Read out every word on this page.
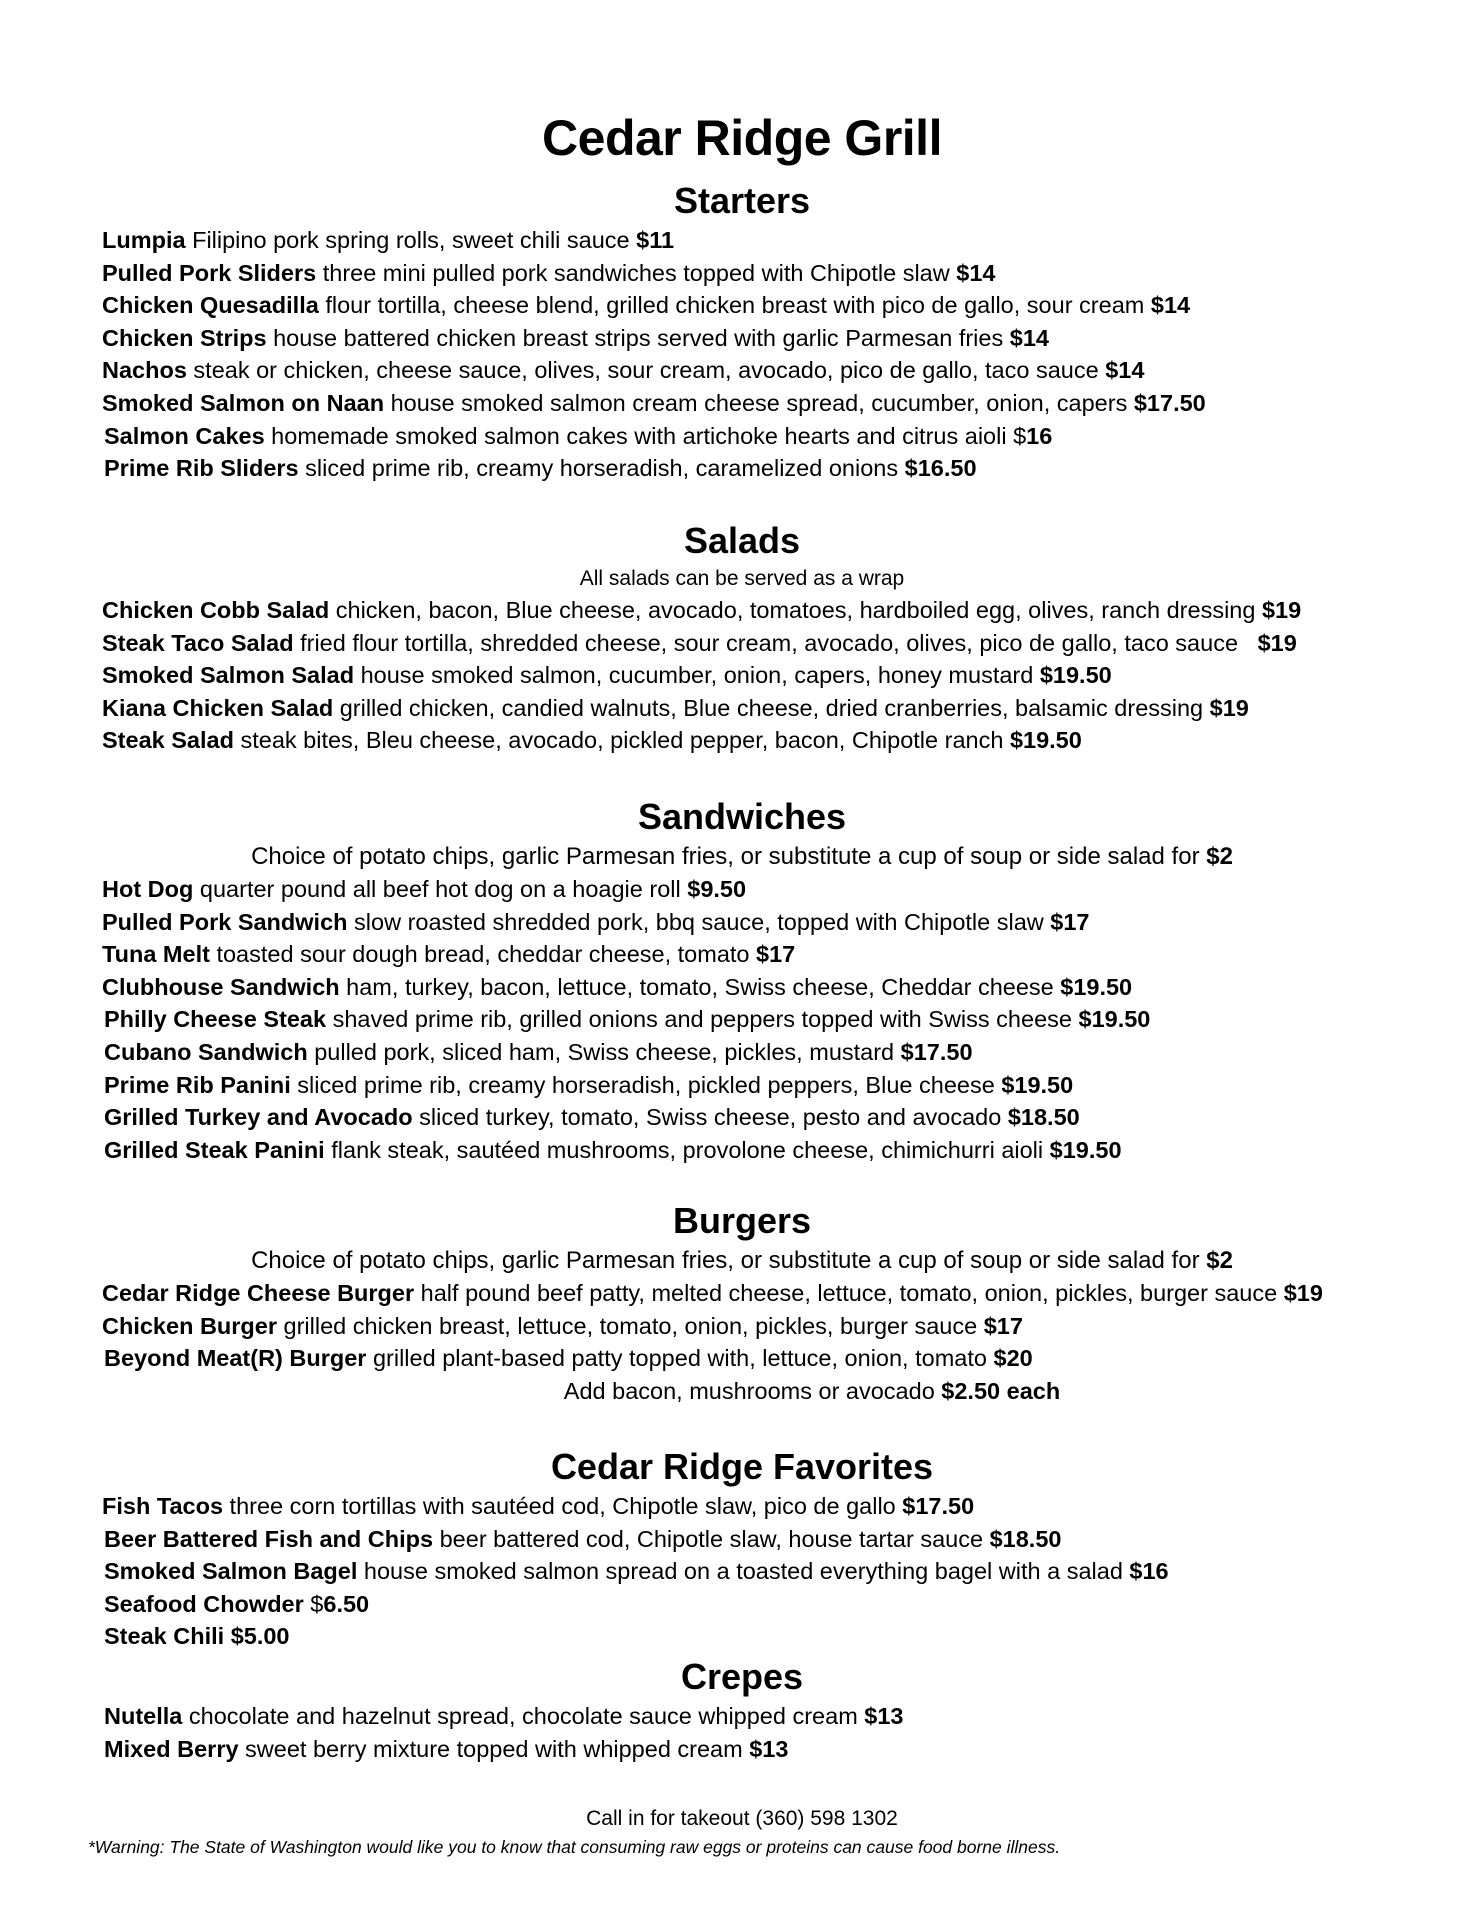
Cedar Ridge Grill
Starters
Lumpia Filipino pork spring rolls, sweet chili sauce $11
Pulled Pork Sliders three mini pulled pork sandwiches topped with Chipotle slaw $14
Chicken Quesadilla flour tortilla, cheese blend, grilled chicken breast with pico de gallo, sour cream $14
Chicken Strips house battered chicken breast strips served with garlic Parmesan fries $14
Nachos steak or chicken, cheese sauce, olives, sour cream, avocado, pico de gallo, taco sauce $14
Smoked Salmon on Naan house smoked salmon cream cheese spread, cucumber, onion, capers $17.50
Salmon Cakes homemade smoked salmon cakes with artichoke hearts and citrus aioli $16
Prime Rib Sliders sliced prime rib, creamy horseradish, caramelized onions $16.50
Salads

All salads can be served as a wrap

Chicken Cobb Salad chicken, bacon, Blue cheese, avocado, tomatoes, hardboiled egg, olives, ranch dressing $19
Steak Taco Salad fried flour tortilla, shredded cheese, sour cream, avocado, olives, pico de gallo, taco sauce   $19
Smoked Salmon Salad house smoked salmon, cucumber, onion, capers, honey mustard $19.50
Kiana Chicken Salad grilled chicken, candied walnuts, Blue cheese, dried cranberries, balsamic dressing $19
Steak Salad steak bites, Bleu cheese, avocado, pickled pepper, bacon, Chipotle ranch $19.50
Sandwiches

Choice of potato chips, garlic Parmesan fries, or substitute a cup of soup or side salad for $2

Hot Dog quarter pound all beef hot dog on a hoagie roll $9.50
Pulled Pork Sandwich slow roasted shredded pork, bbq sauce, topped with Chipotle slaw $17
Tuna Melt toasted sour dough bread, cheddar cheese, tomato $17
Clubhouse Sandwich ham, turkey, bacon, lettuce, tomato, Swiss cheese, Cheddar cheese $19.50
Philly Cheese Steak shaved prime rib, grilled onions and peppers topped with Swiss cheese $19.50
Cubano Sandwich pulled pork, sliced ham, Swiss cheese, pickles, mustard $17.50
Prime Rib Panini sliced prime rib, creamy horseradish, pickled peppers, Blue cheese $19.50
Grilled Turkey and Avocado sliced turkey, tomato, Swiss cheese, pesto and avocado $18.50
Grilled Steak Panini flank steak, sautéed mushrooms, provolone cheese, chimichurri aioli $19.50
Burgers

Choice of potato chips, garlic Parmesan fries, or substitute a cup of soup or side salad for $2

Cedar Ridge Cheese Burger half pound beef patty, melted cheese, lettuce, tomato, onion, pickles, burger sauce $19
Chicken Burger grilled chicken breast, lettuce, tomato, onion, pickles, burger sauce $17
Beyond Meat(R) Burger grilled plant-based patty topped with, lettuce, onion, tomato $20
Add bacon, mushrooms or avocado $2.50 each
Cedar Ridge Favorites
Fish Tacos three corn tortillas with sautéed cod, Chipotle slaw, pico de gallo $17.50
Beer Battered Fish and Chips beer battered cod, Chipotle slaw, house tartar sauce $18.50
Smoked Salmon Bagel house smoked salmon spread on a toasted everything bagel with a salad $16
Seafood Chowder $6.50
Steak Chili $5.00
Crepes
Nutella chocolate and hazelnut spread, chocolate sauce whipped cream $13
Mixed Berry sweet berry mixture topped with whipped cream $13
Call in for takeout (360) 598 1302
*Warning: The State of Washington would like you to know that consuming raw eggs or proteins can cause food borne illness.
